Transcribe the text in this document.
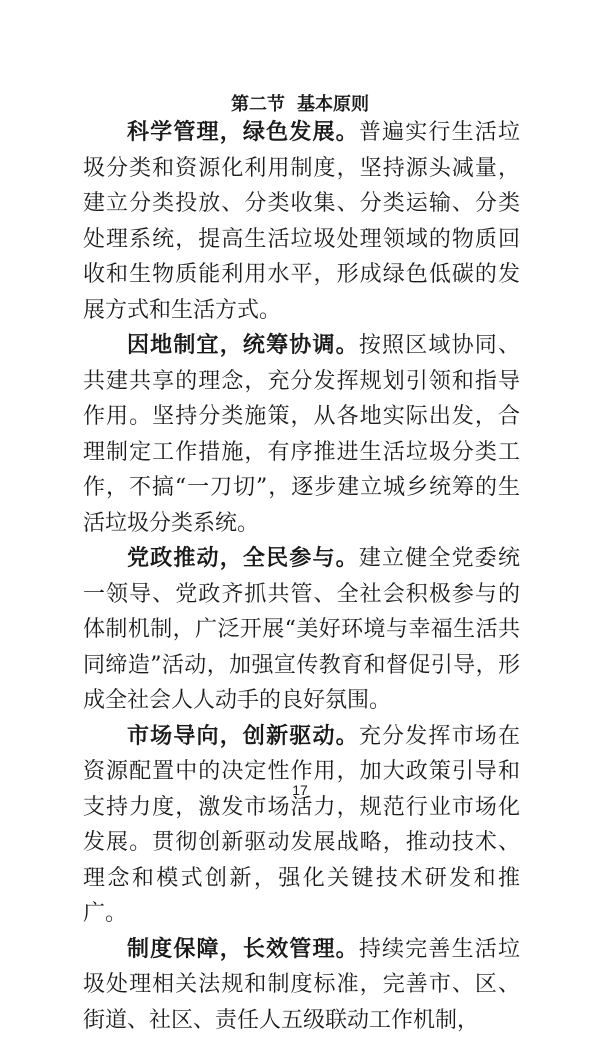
第二节 基本原则

科学管理，绿色发展。普遍实行生活垃圾分类和资源化利用制度，坚持源头减量，建立分类投放、分类收集、分类运输、分类处理系统，提高生活垃圾处理领域的物质回收和生物质能利用水平，形成绿色低碳的发展方式和生活方式。

因地制宜，统筹协调。按照区域协同、共建共享的理念，充分发挥规划引领和指导作用。坚持分类施策，从各地实际出发，合理制定工作措施，有序推进生活垃圾分类工作，不搞“一刀切”，逐步建立城乡统筹的生活垃圾分类系统。

党政推动，全民参与。建立健全党委统一领导、党政齐抓共管、全社会积极参与的体制机制，广泛开展“美好环境与幸福生活共同缔造”活动，加强宣传教育和督促引导，形成全社会人人动手的良好氛围。

市场导向，创新驱动。充分发挥市场在资源配置中的决定性作用，加大政策引导和支持力度，激发市场活力，规范行业市场化发展。贯彻创新驱动发展战略，推动技术、理念和模式创新，强化关键技术研发和推广。

制度保障，长效管理。持续完善生活垃圾处理相关法规和制度标准，完善市、区、街道、社区、责任人五级联动工作机制，

17
